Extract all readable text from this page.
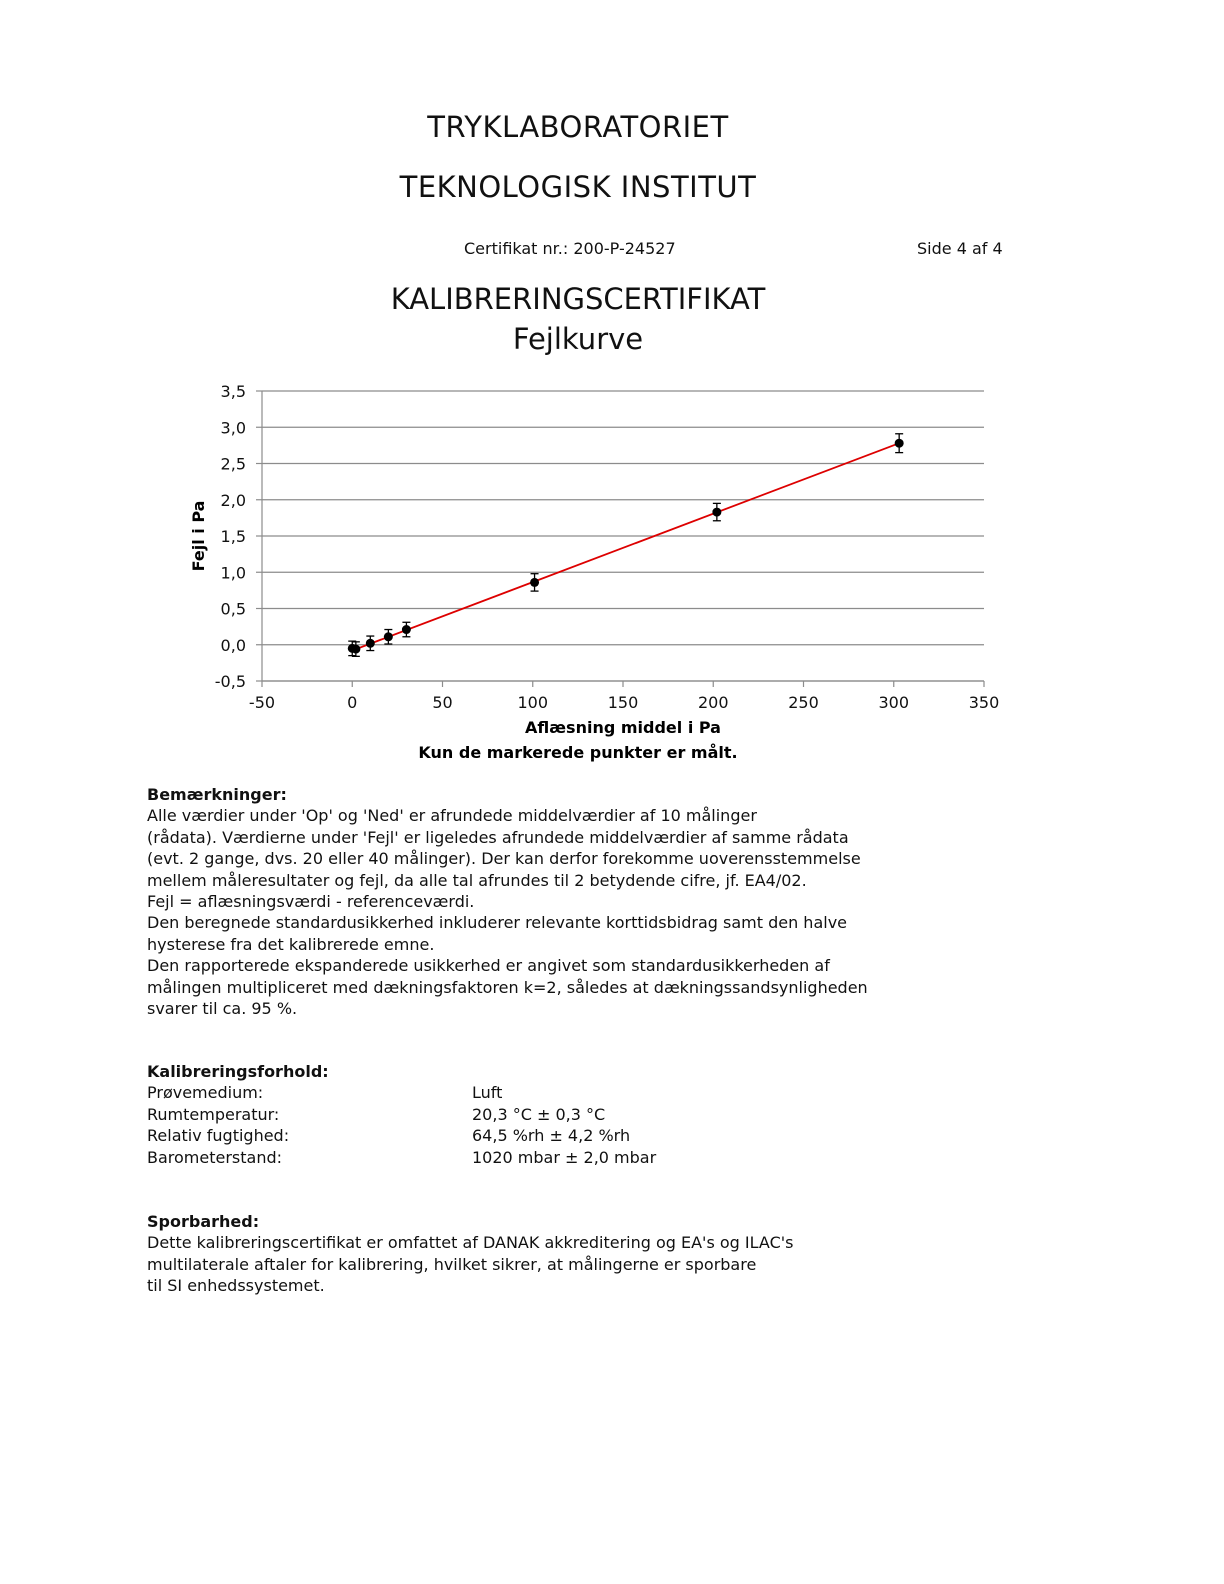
TRYKLABORATORIET
TEKNOLOGISK INSTITUT
Certifikat nr.: 200-P-24527	Side 4 af 4
KALIBRERINGSCERTIFIKAT
Fejlkurve
-0,5
0,0
0,5
1,0
1,5
2,0
2,5
3,0
3,5
-50	0	50	100	150	200	250	300	350
Aflæsning middel i Pa
Kun de markerede punkter er målt.
Fejl i Pa
Bemærkninger:
Alle værdier under 'Op' og 'Ned' er afrundede middelværdier af 10 målinger
(rådata). Værdierne under 'Fejl' er ligeledes afrundede middelværdier af samme rådata
(evt. 2 gange, dvs. 20 eller 40 målinger). Der kan derfor forekomme uoverensstemmelse
mellem måleresultater og fejl, da alle tal afrundes til 2 betydende cifre, jf. EA4/02.
Fejl = aflæsningsværdi - referenceværdi.
Den beregnede standardusikkerhed inkluderer relevante korttidsbidrag samt den halve
hysterese fra det kalibrerede emne.
Den rapporterede ekspanderede usikkerhed er angivet som standardusikkerheden af
målingen multipliceret med dækningsfaktoren k=2, således at dækningssandsynligheden
svarer til ca. 95 %.
Kalibreringsforhold:
Prøvemedium:	Luft
Rumtemperatur:	20,3 °C ± 0,3 °C
Relativ fugtighed:	64,5 %rh ± 4,2 %rh
Barometerstand:	1020 mbar ± 2,0 mbar
Sporbarhed:
Dette kalibreringscertifikat er omfattet af DANAK akkreditering og EA's og ILAC's
multilaterale aftaler for kalibrering, hvilket sikrer, at målingerne er sporbare
til SI enhedssystemet.
